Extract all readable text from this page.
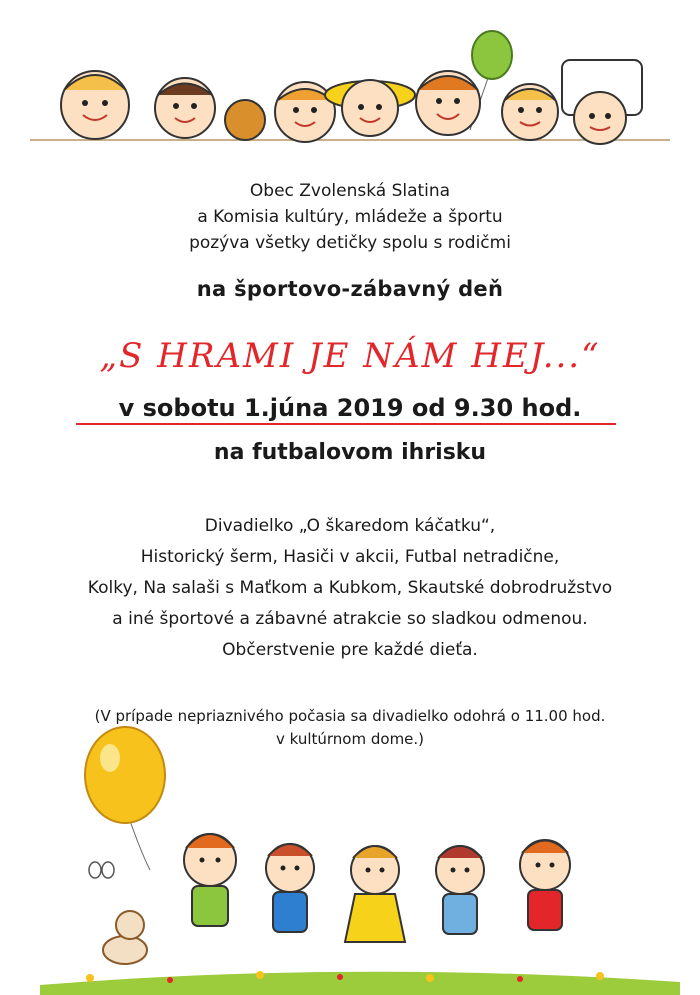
Obec Zvolenská Slatina

a Komisia kultúry, mládeže a športu

pozýva všetky detičky spolu s rodičmi

na športovo-zábavný deň
„S HRAMI JE NÁM HEJ...“
v sobotu 1.júna 2019 od 9.30 hod.
na futbalovom ihrisku

Divadielko „O škaredom káčatku“,

Historický šerm, Hasiči v akcii, Futbal netradične,

Kolky, Na salaši s Maťkom a Kubkom, Skautské dobrodružstvo

a iné športové a zábavné atrakcie so sladkou odmenou.

Občerstvenie pre každé dieťa.

(V prípade nepriaznivého počasia sa divadielko odohrá o 11.00 hod.

v kultúrnom dome.)
